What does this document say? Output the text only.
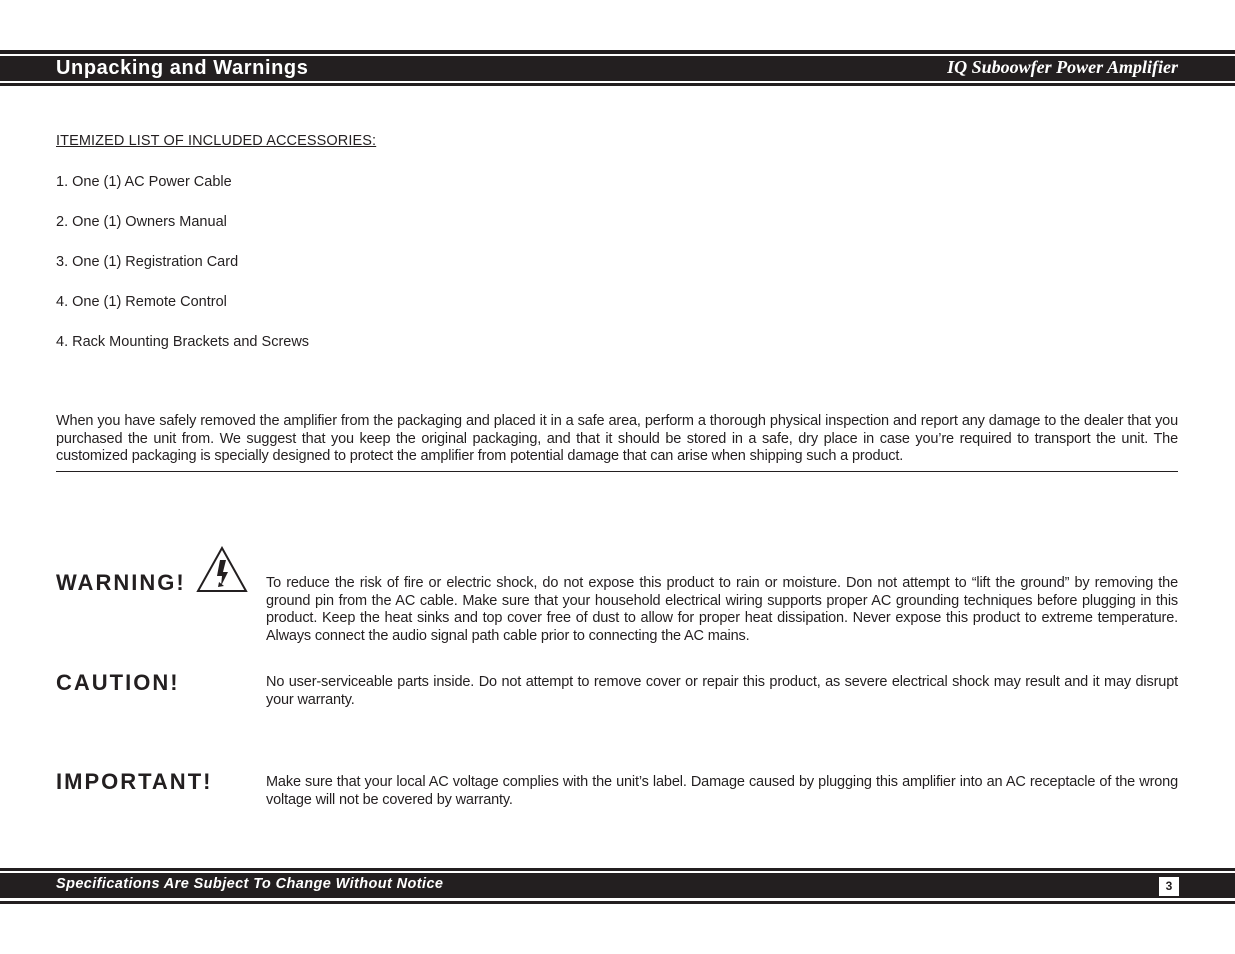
Unpacking and Warnings	IQ Suboowfer Power Amplifier
ITEMIZED LIST OF INCLUDED ACCESSORIES:
1. One (1) AC Power Cable
2. One (1) Owners Manual
3. One (1) Registration Card
4. One (1) Remote Control
4. Rack Mounting Brackets and Screws
When you have safely removed the amplifier from the packaging and placed it in a safe area, perform a thorough physical inspection and report any damage to the dealer that you purchased the unit from. We suggest that you keep the original packaging, and that it should be stored in a safe, dry place in case you’re required to transport the unit. The customized packaging is specially designed to protect the amplifier from potential damage that can arise when shipping such a product.
WARNING!	To reduce the risk of fire or electric shock, do not expose this product to rain or moisture. Don not attempt to “lift the ground” by removing the ground pin from the AC cable. Make sure that your household electrical wiring supports proper AC grounding techniques before plugging in this product. Keep the heat sinks and top cover free of dust to allow for proper heat dissipation. Never expose this product to extreme temperature. Always connect the audio signal path cable prior to connecting the AC mains.
CAUTION!	No user-serviceable parts inside. Do not attempt to remove cover or repair this product, as severe electrical shock may result and it may disrupt your warranty.
IMPORTANT!	Make sure that your local AC voltage complies with the unit’s label. Damage caused by plugging this amplifier into an AC receptacle of the wrong voltage will not be covered by warranty.
Specifications Are Subject To Change Without Notice	3
